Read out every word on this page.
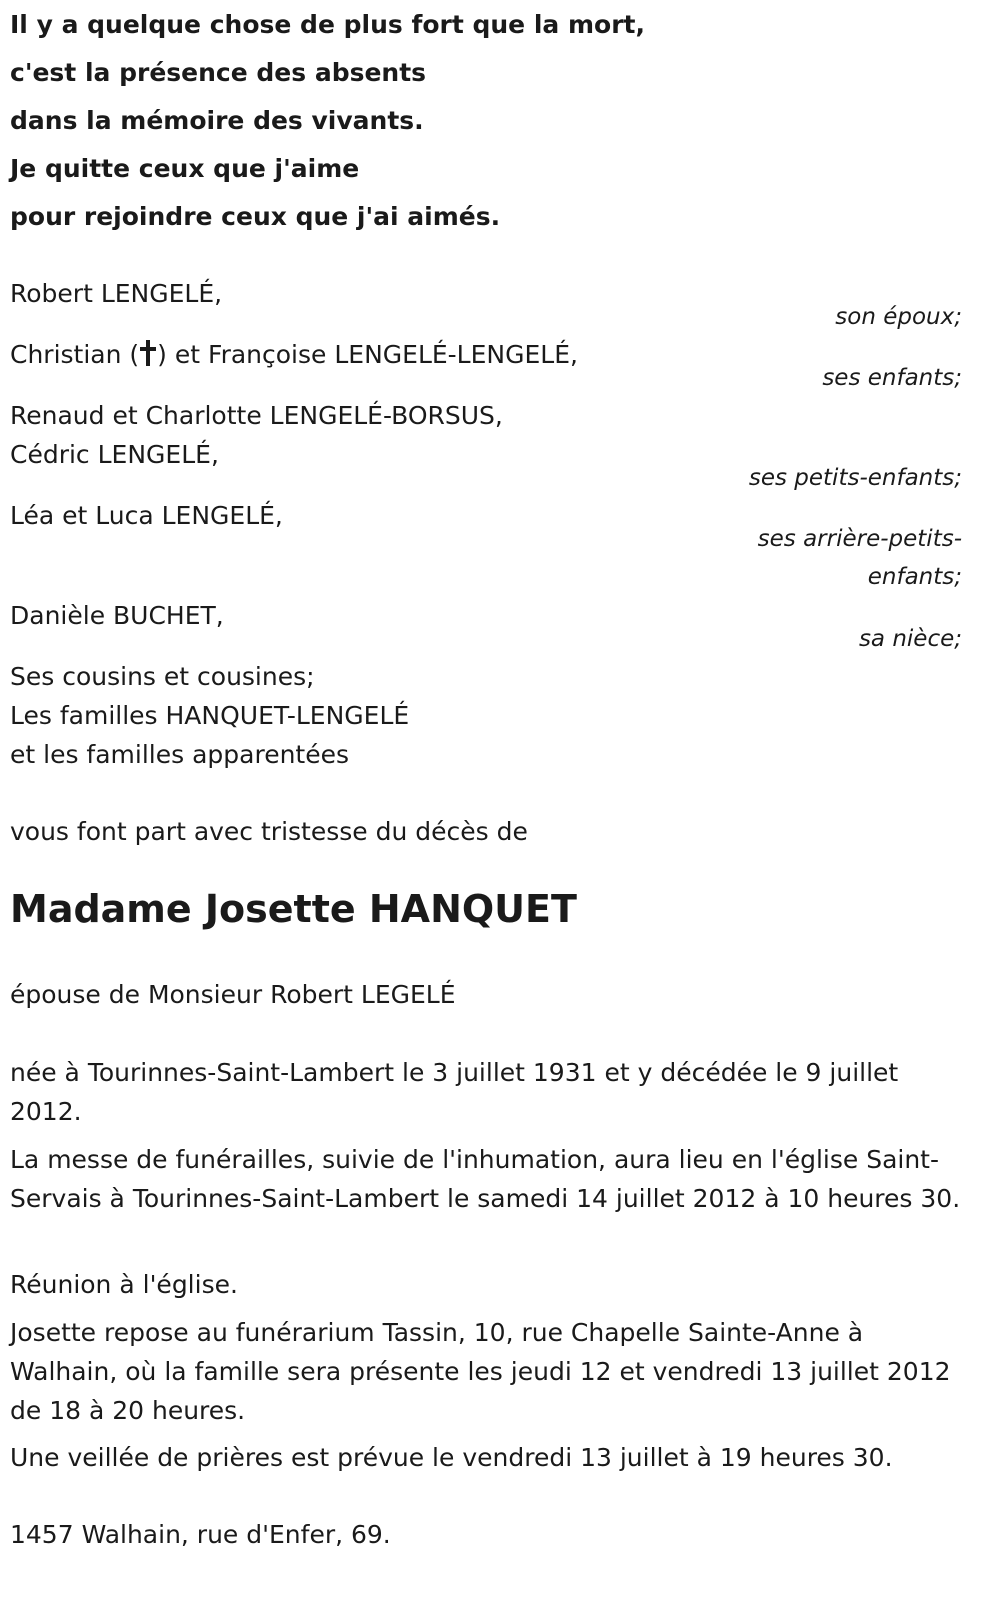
Il y a quelque chose de plus fort que la mort,
c'est la présence des absents
dans la mémoire des vivants.
Je quitte ceux que j'aime
pour rejoindre ceux que j'ai aimés.
Robert LENGELÉ,
son époux;
Christian ( ) et Françoise LENGELÉ-LENGELÉ,
ses enfants;
Renaud et Charlotte LENGELÉ-BORSUS,
Cédric LENGELÉ,
ses petits-enfants;
Léa et Luca LENGELÉ,
ses arrière-petits-
enfants;
Danièle BUCHET,
sa nièce;
Ses cousins et cousines;
Les familles HANQUET-LENGELÉ
et les familles apparentées
vous font part avec tristesse du décès de
Madame Josette HANQUET
épouse de Monsieur Robert LEGELÉ
née à Tourinnes-Saint-Lambert le 3 juillet 1931 et y décédée le 9 juillet 2012.
La messe de funérailles, suivie de l'inhumation, aura lieu en l'église Saint-Servais à Tourinnes-Saint-Lambert le samedi 14 juillet 2012 à 10 heures 30.
Réunion à l'église.
Josette repose au funérarium Tassin, 10, rue Chapelle Sainte-Anne à Walhain, où la famille sera présente les jeudi 12 et vendredi 13 juillet 2012 de 18 à 20 heures.
Une veillée de prières est prévue le vendredi 13 juillet à 19 heures 30.
1457 Walhain, rue d'Enfer, 69.
